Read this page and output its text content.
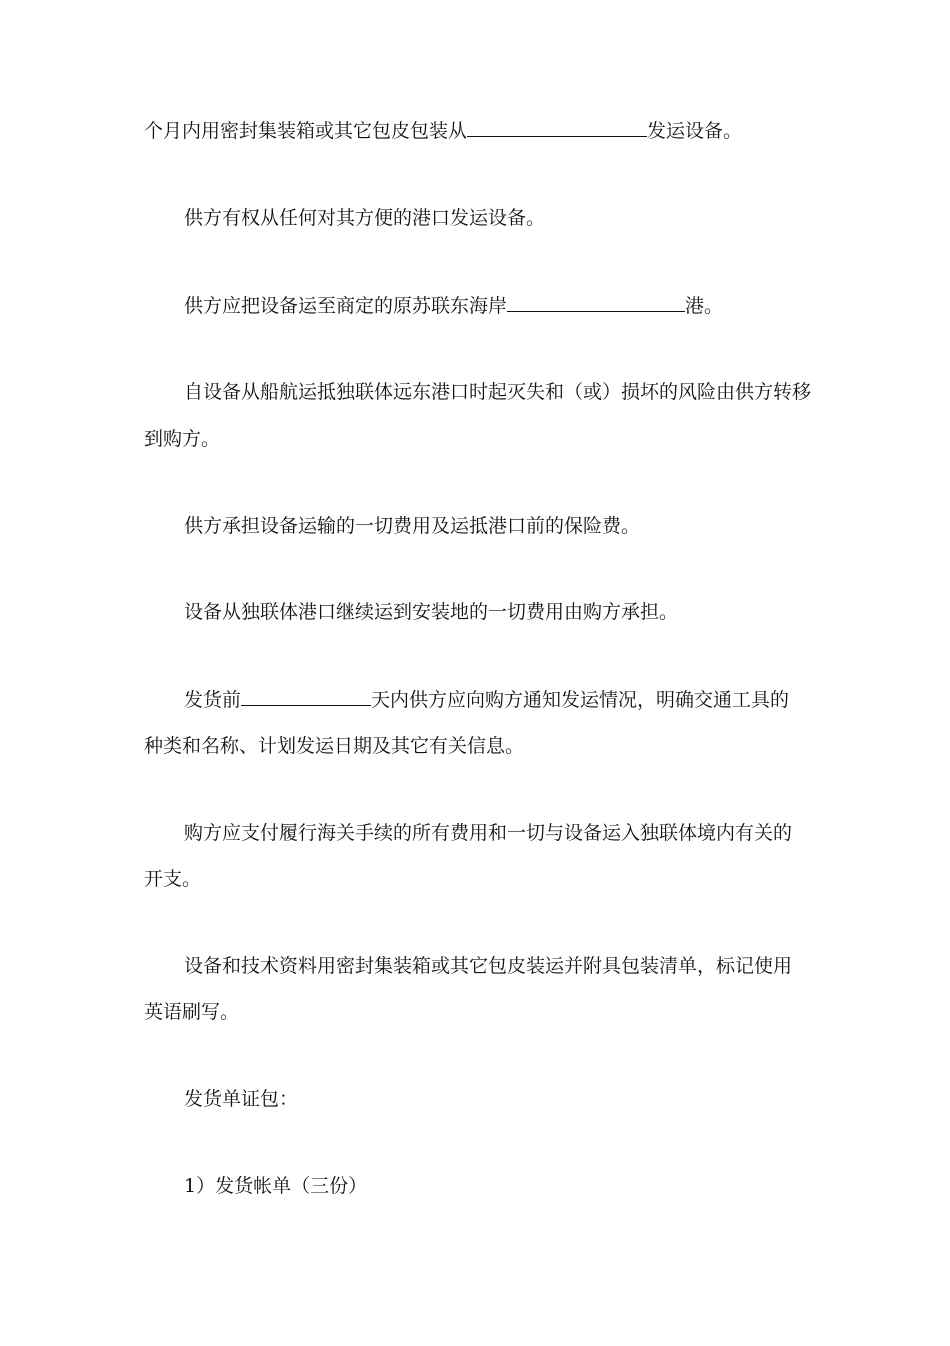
个月内用密封集装箱或其它包皮包装从	发运设备。
供方有权从任何对其方便的港口发运设备。
供方应把设备运至商定的原苏联东海岸	港。
自设备从船航运抵独联体远东港口时起灭失和（或）损坏的风险由供方转移
到购方。
供方承担设备运输的一切费用及运抵港口前的保险费。
设备从独联体港口继续运到安装地的一切费用由购方承担。
发货前	天内供方应向购方通知发运情况，明确交通工具的
种类和名称、计划发运日期及其它有关信息。
购方应支付履行海关手续的所有费用和一切与设备运入独联体境内有关的
开支。
设备和技术资料用密封集装箱或其它包皮装运并附具包装清单，标记使用
英语刷写。
发货单证包：
1）发货帐单（三份）
